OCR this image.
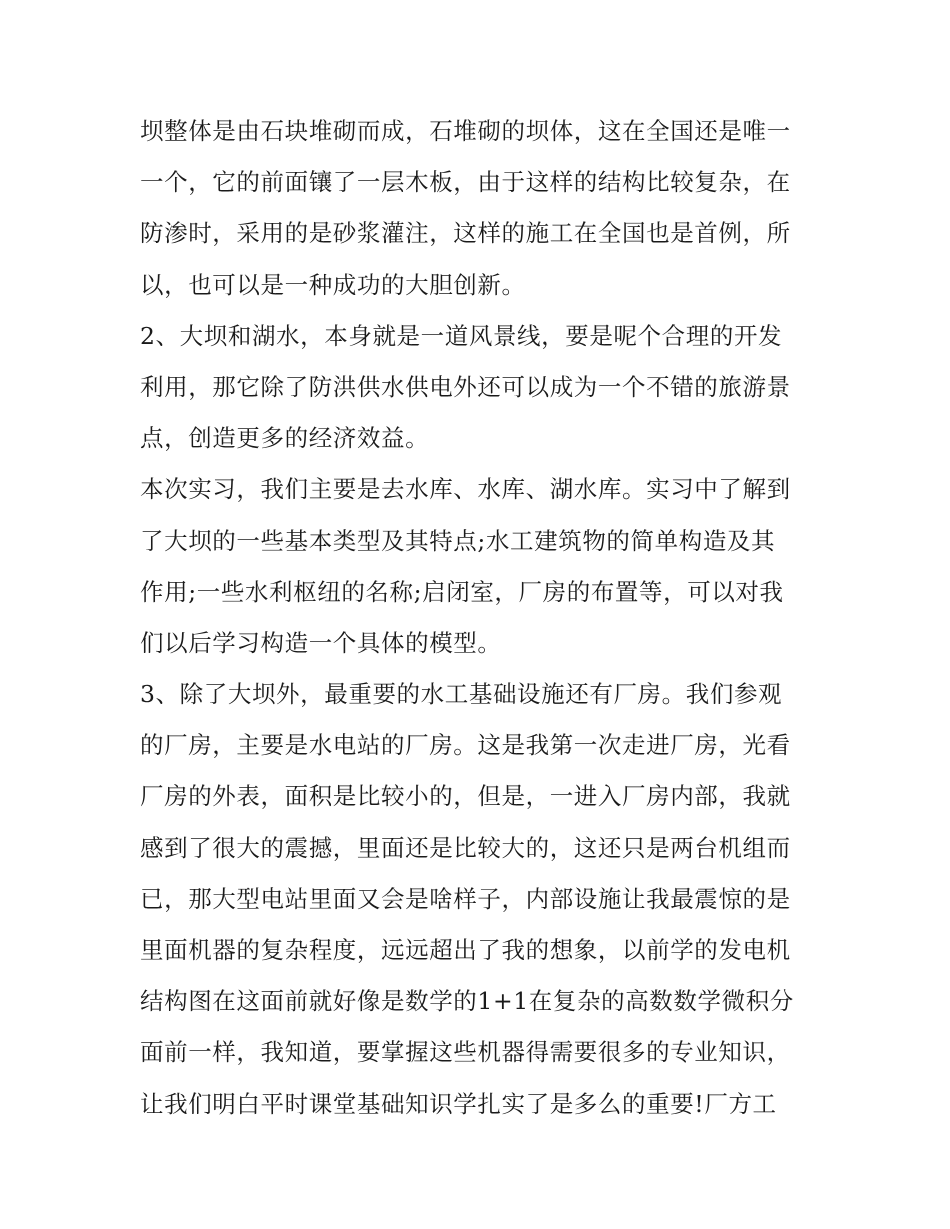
坝整体是由石块堆砌而成，石堆砌的坝体，这在全国还是唯一
一个，它的前面镶了一层木板，由于这样的结构比较复杂，在
防渗时，采用的是砂浆灌注，这样的施工在全国也是首例，所
以，也可以是一种成功的大胆创新。
2、大坝和湖水，本身就是一道风景线，要是呢个合理的开发
利用，那它除了防洪供水供电外还可以成为一个不错的旅游景
点，创造更多的经济效益。
本次实习，我们主要是去水库、水库、湖水库。实习中了解到
了大坝的一些基本类型及其特点;水工建筑物的简单构造及其
作用;一些水利枢纽的名称;启闭室，厂房的布置等，可以对我
们以后学习构造一个具体的模型。
3、除了大坝外，最重要的水工基础设施还有厂房。我们参观
的厂房，主要是水电站的厂房。这是我第一次走进厂房，光看
厂房的外表，面积是比较小的，但是，一进入厂房内部，我就
感到了很大的震撼，里面还是比较大的，这还只是两台机组而
已，那大型电站里面又会是啥样子，内部设施让我最震惊的是
里面机器的复杂程度，远远超出了我的想象，以前学的发电机
结构图在这面前就好像是数学的1+1在复杂的高数数学微积分
面前一样，我知道，要掌握这些机器得需要很多的专业知识，
让我们明白平时课堂基础知识学扎实了是多么的重要!厂方工
